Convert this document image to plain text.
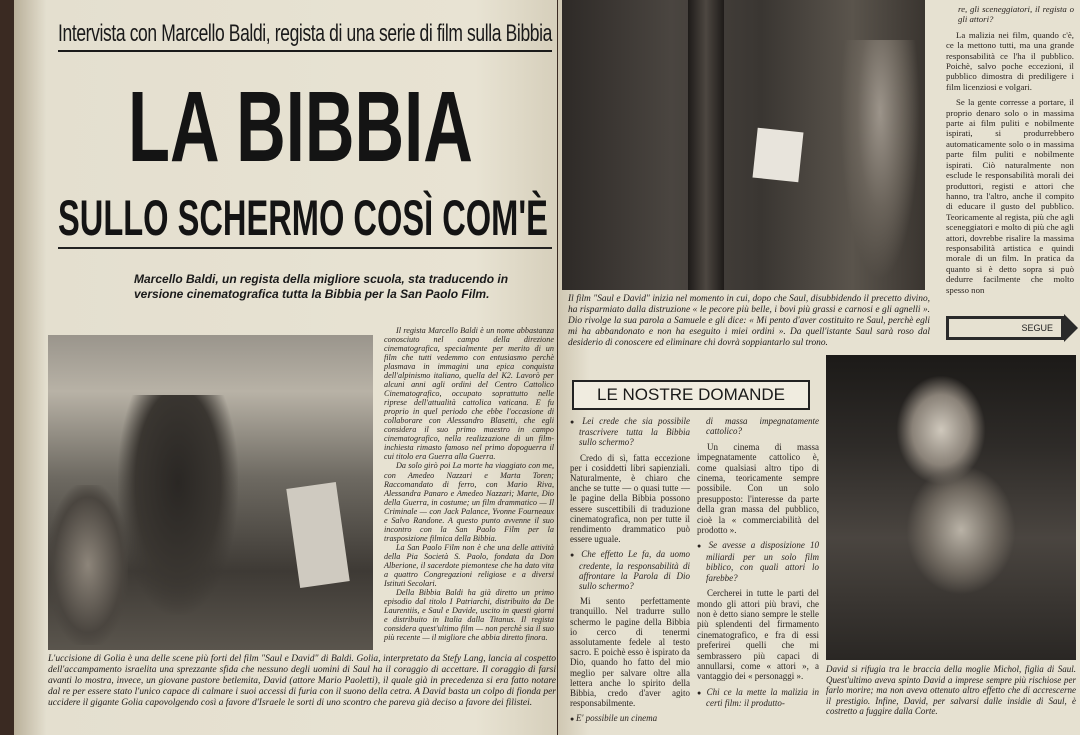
Intervista con Marcello Baldi, regista di una serie di film sulla Bibbia
LA BIBBIA
SULLO SCHERMO COSÌ COM'È
Marcello Baldi, un regista della migliore scuola, sta traducendo in versione cinematografica tutta la Bibbia per la San Paolo Film.

Il regista Marcello Baldi è un nome abbastanza conosciuto nel campo della direzione cinematografica, specialmente per merito di un film che tutti vedemmo con entusiasmo perchè plasmava in immagini una epica conquista dell'alpinismo italiano, quella del K2. Lavorò per alcuni anni agli ordini del Centro Cattolico Cinematografico, occupato soprattutto nelle riprese dell'attualità cattolica vaticana. E fu proprio in quel periodo che ebbe l'occasione di collaborare con Alessandro Blasetti, che egli considera il suo primo maestro in campo cinematografico, nella realizzazione di un film-inchiesta rimasto famoso nel primo dopoguerra il cui titolo era Guerra alla Guerra.

Da solo girò poi La morte ha viaggiato con me, con Amedeo Nazzari e Marta Toren; Raccomandato di ferro, con Mario Riva, Alessandra Panaro e Amedeo Nazzari; Marte, Dio della Guerra, in costume; un film drammatico — Il Criminale — con Jack Palance, Yvonne Fourneaux e Salvo Randone. A questo punto avvenne il suo incontro con la San Paolo Film per la trasposizione filmica della Bibbia.

La San Paolo Film non è che una delle attività della Pia Società S. Paolo, fondata da Don Alberione, il sacerdote piemontese che ha dato vita a quattro Congregazioni religiose e a diversi Istituti Secolari.

Della Bibbia Baldi ha già diretto un primo episodio dal titolo I Patriarchi, distribuito da De Laurentiis, e Saul e Davide, uscito in questi giorni e distribuito in Italia dalla Titanus. Il regista considera quest'ultimo film — non perchè sia il suo più recente — il migliore che abbia diretto finora.

L'uccisione di Golia è una delle scene più forti del film "Saul e David" di Baldi. Golia, interpretato da Stefy Lang, lancia al cospetto dell'accampamento israelita una sprezzante sfida che nessuno degli uomini di Saul ha il coraggio di accettare. Il coraggio di farsi avanti lo mostra, invece, un giovane pastore betlemita, David (attore Mario Paoletti), il quale già in precedenza si era fatto notare dal re per essere stato l'unico capace di calmare i suoi accessi di furia con il suono della cetra. A David basta un colpo di fionda per uccidere il gigante Golia capovolgendo così a favore d'Israele le sorti di uno scontro che pareva già deciso a favore dei filistei.
Il film "Saul e David" inizia nel momento in cui, dopo che Saul, disubbidendo il precetto divino, ha risparmiato dalla distruzione « le pecore più belle, i bovi più grassi e carnosi e gli agnelli ». Dio rivolge la sua parola a Samuele e gli dice: « Mi pento d'aver costituito re Saul, perchè egli mi ha abbandonato e non ha eseguito i miei ordini ». Da quell'istante Saul sarà roso dal desiderio di conoscere ed eliminare chi dovrà soppiantarlo sul trono.

re, gli sceneggiatori, il regista o gli attori?

La malizia nei film, quando c'è, ce la mettono tutti, ma una grande responsabilità ce l'ha il pubblico. Poichè, salvo poche eccezioni, il pubblico dimostra di prediligere i film licenziosi e volgari.

Se la gente corresse a portare, il proprio denaro solo o in massima parte ai film puliti e nobilmente ispirati, si produrrebbero automaticamente solo o in massima parte film puliti e nobilmente ispirati. Ciò naturalmente non esclude le responsabilità morali dei produttori, registi e attori che hanno, tra l'altro, anche il compito di educare il gusto del pubblico. Teoricamente al regista, più che agli sceneggiatori e molto di più che agli attori, dovrebbe risalire la massima responsabilità artistica e quindi morale di un film. In pratica da quanto si è detto sopra si può dedurre facilmente che molto spesso non

SEGUE
LE NOSTRE DOMANDE

● Lei crede che sia possibile trascrivere tutta la Bibbia sullo schermo?

Credo di sì, fatta eccezione per i cosiddetti libri sapienziali. Naturalmente, è chiaro che anche se tutte — o quasi tutte — le pagine della Bibbia possono essere suscettibili di traduzione cinematografica, non per tutte il rendimento drammatico può essere uguale.

● Che effetto Le fa, da uomo credente, la responsabilità di affrontare la Parola di Dio sullo schermo?

Mi sento perfettamente tranquillo. Nel tradurre sullo schermo le pagine della Bibbia io cerco di tenermi assolutamente fedele al testo sacro. E poichè esso è ispirato da Dio, quando ho fatto del mio meglio per salvare oltre alla lettera anche lo spirito della Bibbia, credo d'aver agito responsabilmente.

● E' possibile un cinema

di massa impegnatamente cattolico?

Un cinema di massa impegnatamente cattolico è, come qualsiasi altro tipo di cinema, teoricamente sempre possibile. Con un solo presupposto: l'interesse da parte della gran massa del pubblico, cioè la « commerciabilità del prodotto ».

● Se avesse a disposizione 10 miliardi per un solo film biblico, con quali attori lo farebbe?

Cercherei in tutte le parti del mondo gli attori più bravi, che non è detto siano sempre le stelle più splendenti del firmamento cinematografico, e fra di essi preferirei quelli che mi sembrassero più capaci di annullarsi, come « attori », a vantaggio dei « personaggi ».

● Chi ce la mette la malizia in certi film: il produtto-

David si rifugia tra le braccia della moglie Michol, figlia di Saul. Quest'ultimo aveva spinto David a imprese sempre più rischiose per farlo morire; ma non aveva ottenuto altro effetto che di accrescerne il prestigio. Infine, David, per salvarsi dalle insidie di Saul, è costretto a fuggire dalla Corte.
